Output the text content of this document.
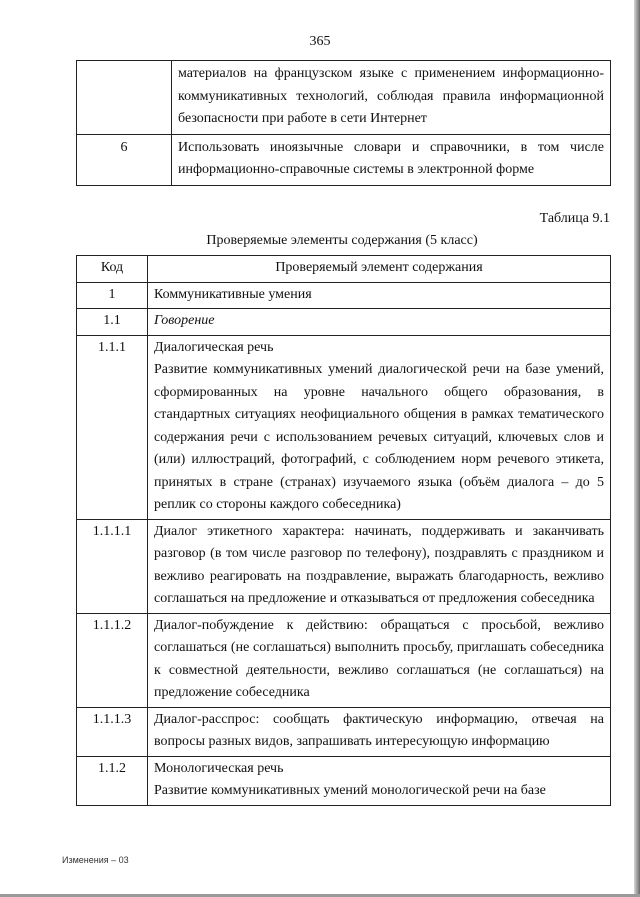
365
	материалов на французском языке с применением информационно-коммуникативных технологий, соблюдая правила информационной безопасности при работе в сети Интернет
6	Использовать иноязычные словари и справочники, в том числе информационно-справочные системы в электронной форме
Таблица 9.1
Проверяемые элементы содержания (5 класс)
Код	Проверяемый элемент содержания
1	Коммуникативные умения
1.1	Говорение
1.1.1	Диалогическая речь

Развитие коммуникативных умений диалогической речи на базе умений, сформированных на уровне начального общего образования, в стандартных ситуациях неофициального общения в рамках тематического содержания речи с использованием речевых ситуаций, ключевых слов и (или) иллюстраций, фотографий, с соблюдением норм речевого этикета, принятых в стране (странах) изучаемого языка (объём диалога – до 5 реплик со стороны каждого собеседника)

1.1.1.1	Диалог этикетного характера: начинать, поддерживать и заканчивать разговор (в том числе разговор по телефону), поздравлять с праздником и вежливо реагировать на поздравление, выражать благодарность, вежливо соглашаться на предложение и отказываться от предложения собеседника
1.1.1.2	Диалог-побуждение к действию: обращаться с просьбой, вежливо соглашаться (не соглашаться) выполнить просьбу, приглашать собеседника к совместной деятельности, вежливо соглашаться (не соглашаться) на предложение собеседника
1.1.1.3	Диалог-расспрос: сообщать фактическую информацию, отвечая на вопросы разных видов, запрашивать интересующую информацию
1.1.2	Монологическая речь

Развитие коммуникативных умений монологической речи на базе

Изменения – 03
